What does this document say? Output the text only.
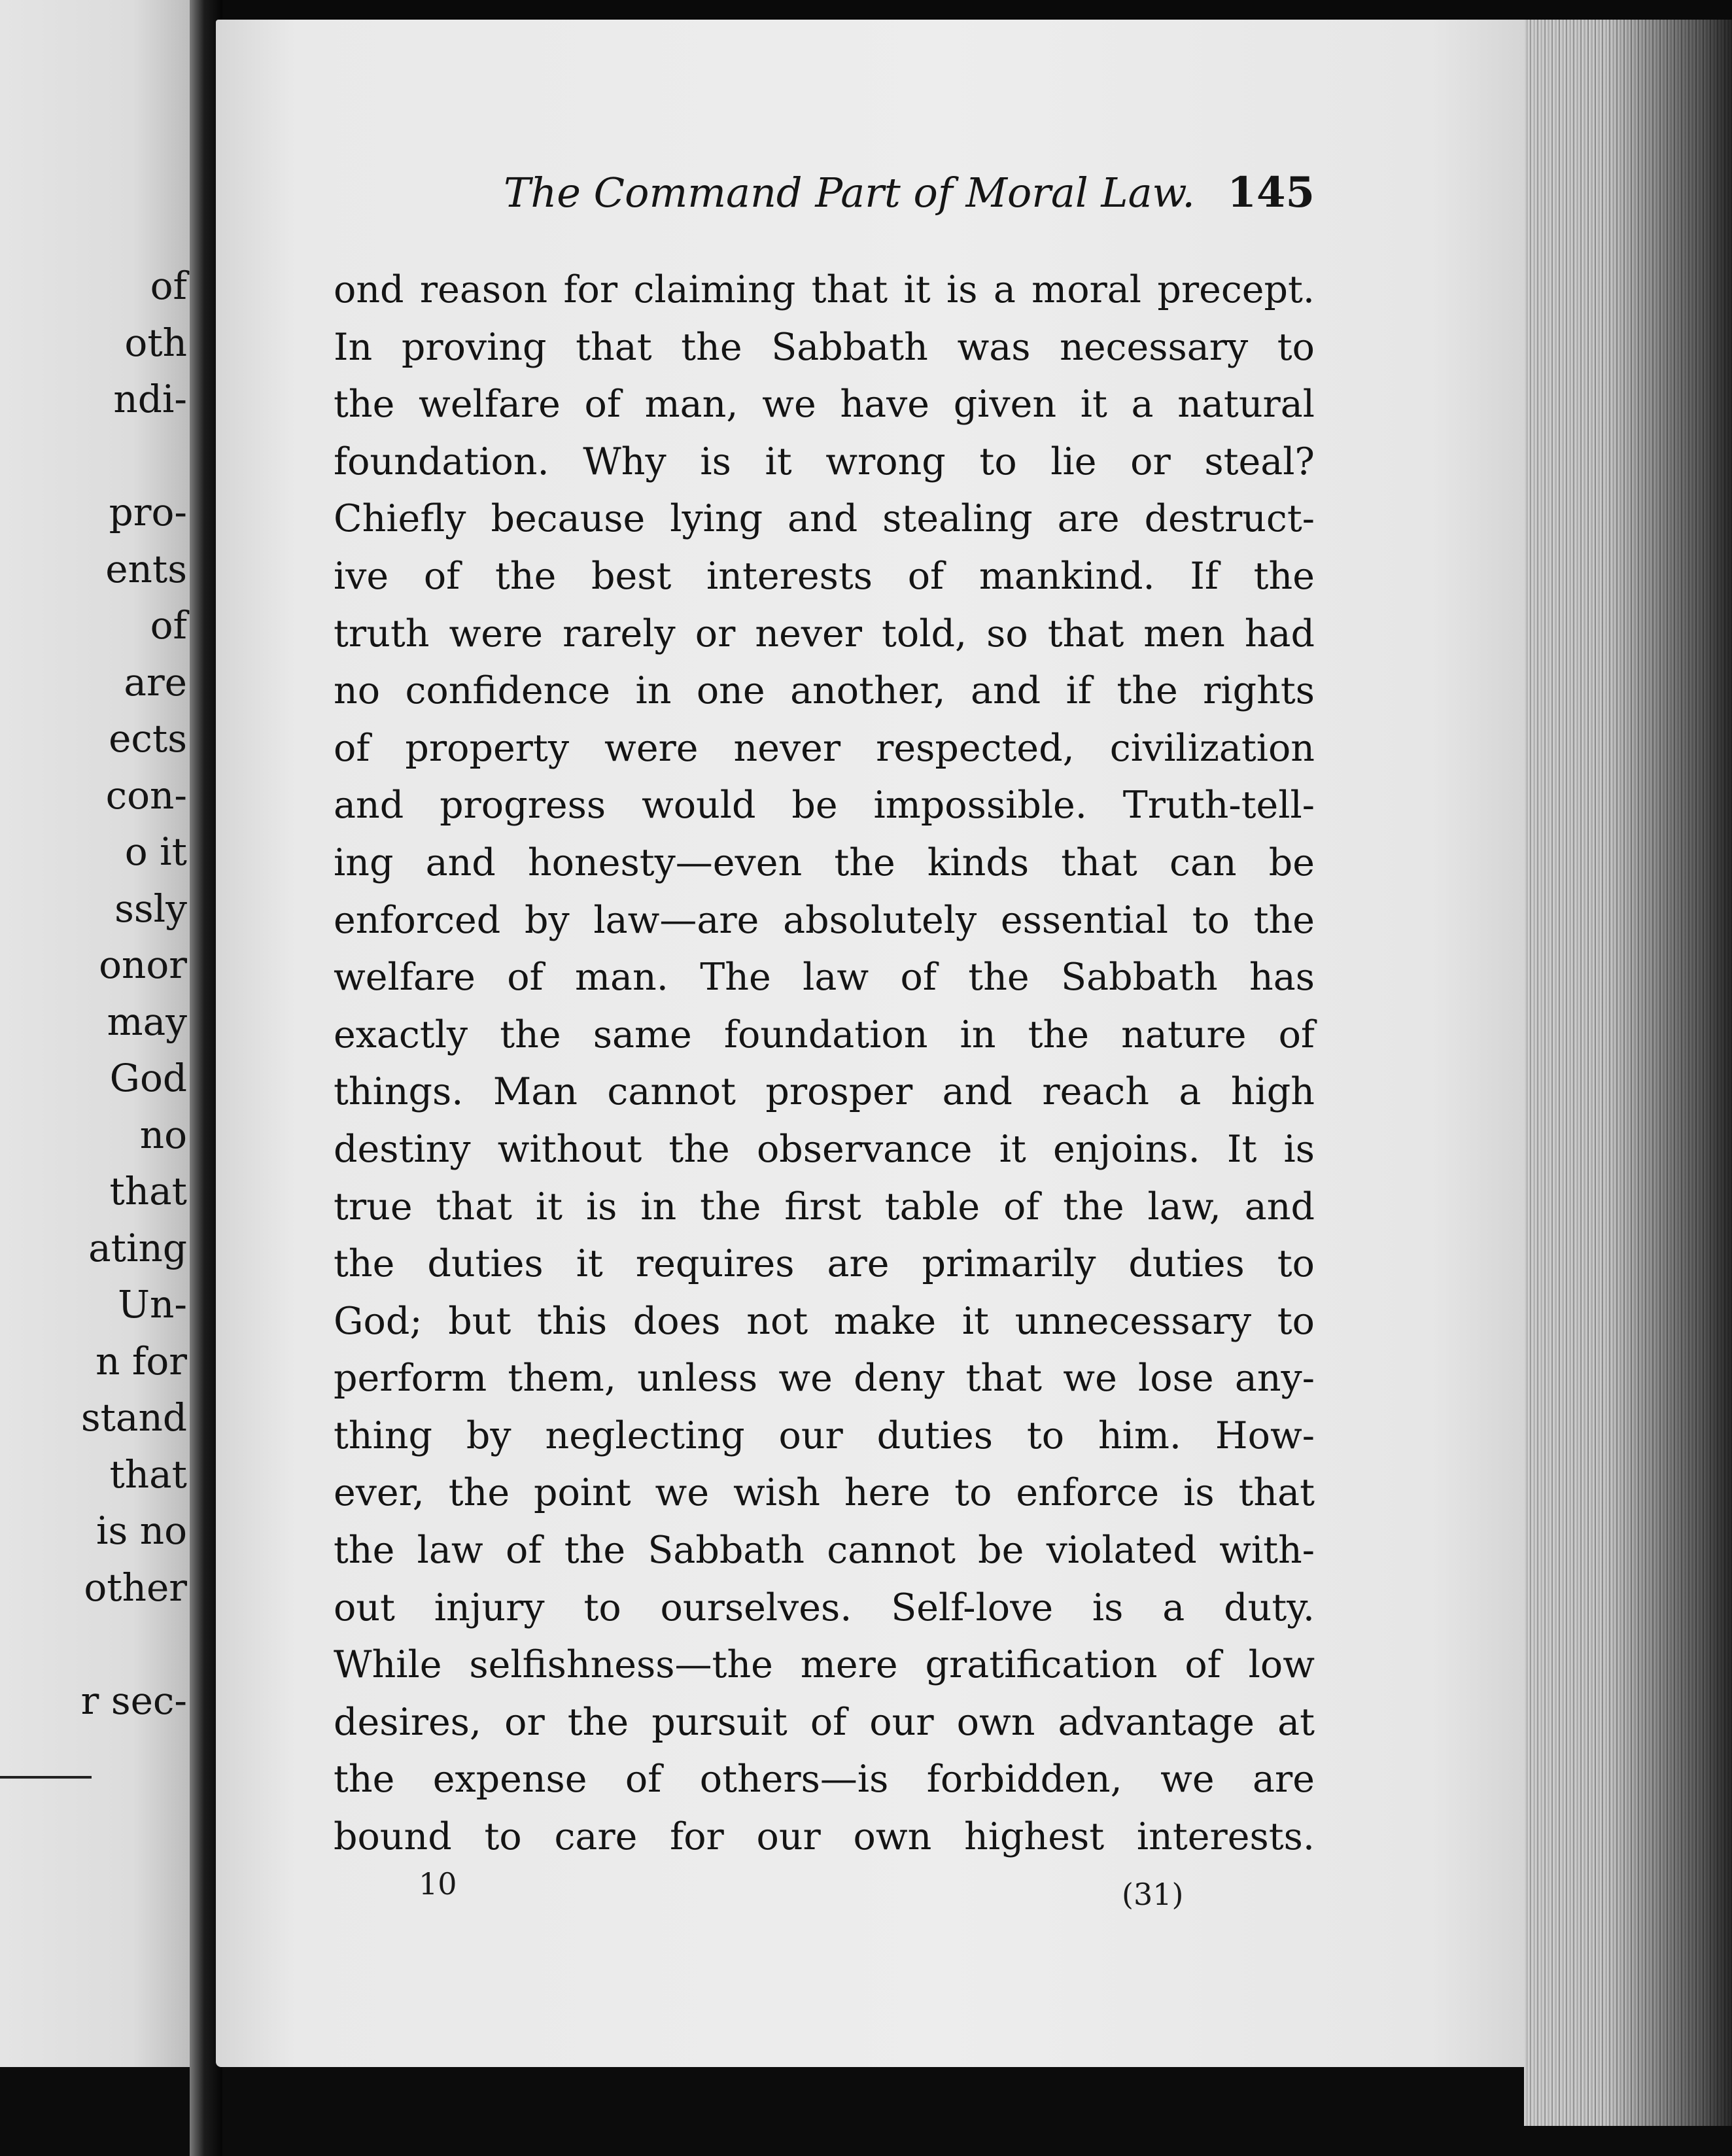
of
oth
ndi-
pro-
ents
of
are
ects
con-
o it
ssly
onor
may
God
no
that
ating
Un-
n for
stand
that
is no
other
r sec-
The Command Part of Moral Law. 145
ond reason for claiming that it is a moral precept.
In proving that the Sabbath was necessary to
the welfare of man, we have given it a natural
foundation. Why is it wrong to lie or steal?
Chiefly because lying and stealing are destruct-
ive of the best interests of mankind. If the
truth were rarely or never told, so that men had
no confidence in one another, and if the rights
of property were never respected, civilization
and progress would be impossible. Truth-tell-
ing and honesty—even the kinds that can be
enforced by law—are absolutely essential to the
welfare of man. The law of the Sabbath has
exactly the same foundation in the nature of
things. Man cannot prosper and reach a high
destiny without the observance it enjoins. It is
true that it is in the first table of the law, and
the duties it requires are primarily duties to
God; but this does not make it unnecessary to
perform them, unless we deny that we lose any-
thing by neglecting our duties to him. How-
ever, the point we wish here to enforce is that
the law of the Sabbath cannot be violated with-
out injury to ourselves. Self-love is a duty.
While selfishness—the mere gratification of low
desires, or the pursuit of our own advantage at
the expense of others—is forbidden, we are
bound to care for our own highest interests.
10	(31)
